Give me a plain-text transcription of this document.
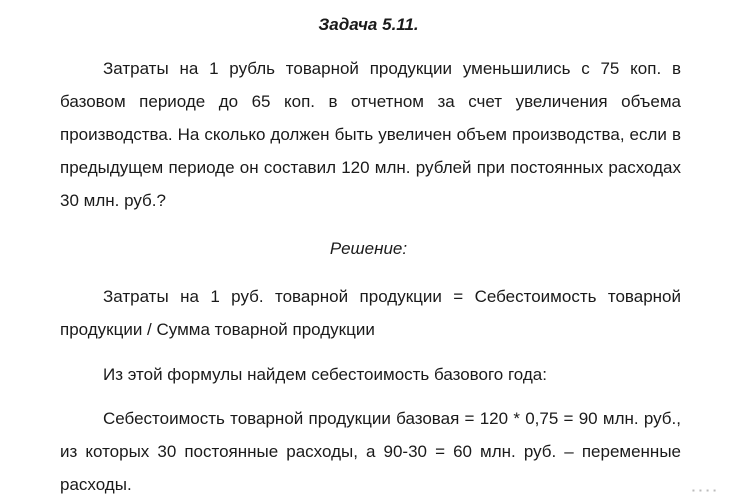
Задача 5.11.

Затраты на 1 рубль товарной продукции уменьшились с 75 коп. в базовом периоде до 65 коп. в отчетном за счет увеличения объема производства. На сколько должен быть увеличен объем производства, если в предыдущем периоде он составил 120 млн. рублей при постоянных расходах 30 млн. руб.?

Решение:

Затраты на 1 руб. товарной продукции = Себестоимость товарной продукции / Сумма товарной продукции

Из этой формулы найдем себестоимость базового года:

Себестоимость товарной продукции базовая = 120 * 0,75 = 90 млн. руб., из которых 30 постоянные расходы, а 90-30 = 60 млн. руб. – переменные расходы.	▪ ▪ ▪ ▪
